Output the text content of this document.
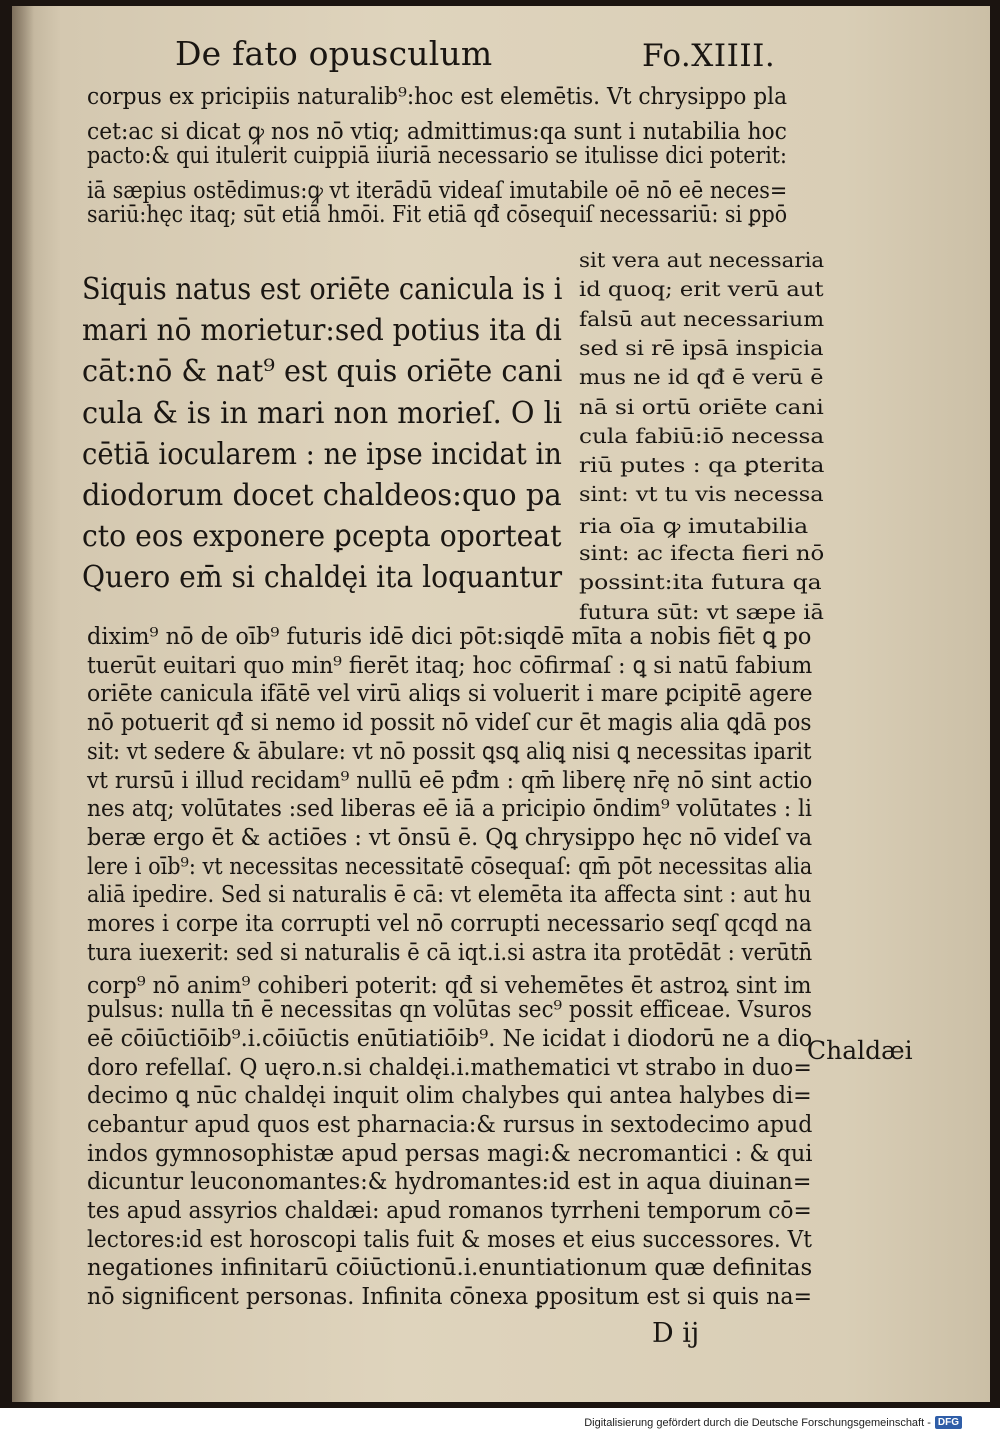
De fato opusculum	Fo.XIIII.
corpus ex pricipiis naturalib⁹:hoc est elemētis. Vt chrysippo pla
cet:ac si dicat ꝙ nos nō vtiq; admittimus:qa sunt i nutabilia hoc
pacto:& qui itulerit cuippiā iiuriā necessario se itulisse dici poterit:
iā sæpius ostēdimus:ꝙ vt iterādū videaſ imutabile oē nō eē neces=
sariū:hęc itaq; sūt etiā hmōi. Fit etiā qđ cōsequiſ necessariū: si ꝑpō
Siquis natus est oriēte canicula is i
mari nō morietur:sed potius ita di
cāt:nō & nat⁹ est quis oriēte cani
cula & is in mari non morieſ. O li
cētiā iocularem : ne ipse incidat in
diodorum docet chaldeos:quo pa
cto eos exponere ꝑcepta oporteat
Quero em̄ si chaldęi ita loquantur
sit vera aut necessaria
id quoq; erit verū aut
falsū aut necessarium
sed si rē ipsā inspicia
mus ne id qđ ē verū ē
nā si ortū oriēte cani
cula fabiū:iō necessa
riū putes : qa ꝑterita
sint: vt tu vis necessa
ria oīa ꝙ imutabilia
sint: ac ifecta fieri nō
possint:ita futura qa
futura sūt: vt sæpe iā
dixim⁹ nō de oīb⁹ futuris idē dici pōt:siqdē mīta a nobis fiēt ꝗ po
tuerūt euitari quo min⁹ fierēt itaq; hoc cōfirmaſ : ꝗ si natū fabium
oriēte canicula ifātē vel virū aliqs si voluerit i mare ꝑcipitē agere
nō potuerit qđ si nemo id possit nō videſ cur ēt magis alia ꝗdā pos
sit: vt sedere & ābulare: vt nō possit ꝗsꝗ aliꝗ nisi ꝗ necessitas iparit
vt rursū i illud recidam⁹ nullū eē pđm : qm̄ liberę nr̄ę nō sint actio
nes atq; volūtates :sed liberas eē iā a pricipio ōndim⁹ volūtates : li
beræ ergo ēt & actiōes : vt ōnsū ē. Qꝗ chrysippo hęc nō videſ va
lere i oīb⁹: vt necessitas necessitatē cōsequaſ: qm̄ pōt necessitas alia
aliā ipedire. Sed si naturalis ē cā: vt elemēta ita affecta sint : aut hu
mores i corpe ita corrupti vel nō corrupti necessario seqſ qcqd na
tura iuexerit: sed si naturalis ē cā iqt.i.si astra ita protēdāt : verūtn̄
corp⁹ nō anim⁹ cohiberi poterit: qđ si vehemētes ēt astroꝝ sint im
pulsus: nulla tn̄ ē necessitas qn volūtas sec⁹ possit efficeae. Vsuros
eē cōiūctiōib⁹.i.cōiūctis enūtiatiōib⁹. Ne icidat i diodorū ne a dio
doro refellaſ. Q uęro.n.si chaldęi.i.mathematici vt strabo in duo=
decimo ꝗ nūc chaldęi inquit olim chalybes qui antea halybes di=
cebantur apud quos est pharnacia:& rursus in sextodecimo apud
indos gymnosophistæ apud persas magi:& necromantici : & qui
dicuntur leuconomantes:& hydromantes:id est in aqua diuinan=
tes apud assyrios chaldæi: apud romanos tyrrheni temporum cō=
lectores:id est horoscopi talis fuit & moses et eius successores. Vt
negationes infinitarū cōiūctionū.i.enuntiationum quæ definitas
nō significent personas. Infinita cōnexa ꝑpositum est si quis na=
Chaldæi
D ij
Digitalisierung gefördert durch die Deutsche Forschungsgemeinschaft - DFG
